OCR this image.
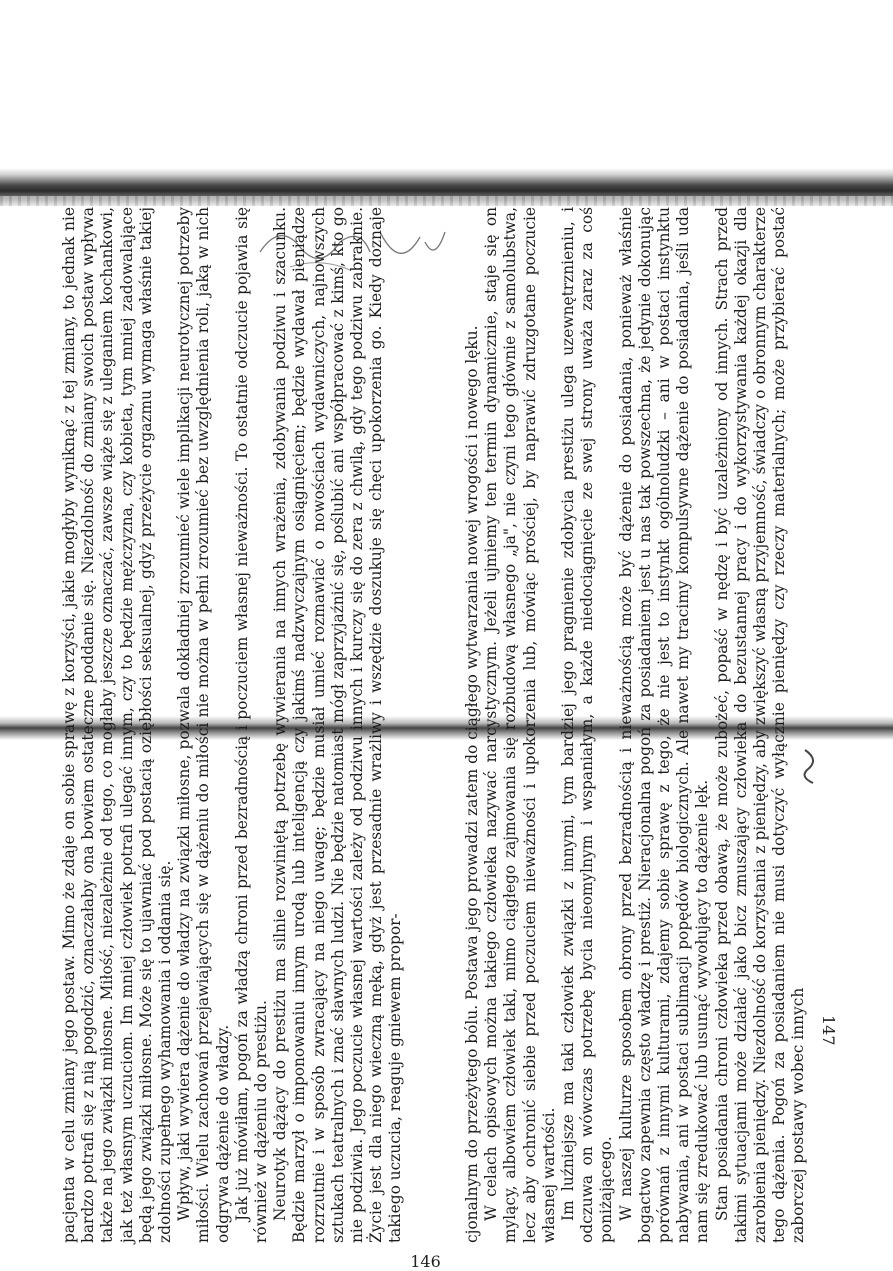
pacjenta w celu zmiany jego postaw. Mimo że zdaje on sobie sprawę z korzyści, jakie mogłyby wyniknąć z tej zmiany, to jednak nie bardzo potrafi się z nią pogodzić, oznaczałaby ona bowiem ostateczne poddanie się. Niezdolność do zmiany swoich postaw wpływa także na jego związki miłosne. Miłość, niezależnie od tego, co mogłaby jeszcze oznaczać, zawsze wiąże się z uleganiem kochankowi, jak też własnym uczuciom. Im mniej człowiek potrafi ulegać innym, czy to będzie mężczyzna, czy kobieta, tym mniej zadowalające będą jego związki miłosne. Może się to ujawniać pod postacią oziębłości seksualnej, gdyż przeżycie orgazmu wymaga właśnie takiej zdolności zupełnego wyhamowania i oddania się. Wpływ, jaki wywiera dążenie do władzy na związki miłosne, pozwala dokładniej zrozumieć wiele implikacji neurotycznej potrzeby miłości. Wielu zachowań przejawiających się w dążeniu do miłości nie można w pełni zrozumieć bez uwzględnienia roli, jaką w nich odgrywa dążenie do władzy. Jak już mówiłam, pogoń za władzą chroni przed bezradnością i poczuciem własnej nieważności. To ostatnie odczucie pojawia się również w dążeniu do prestiżu. Neurotyk dążący do prestiżu ma silnie rozwiniętą potrzebę wywierania na innych wrażenia, zdobywania podziwu i szacunku. Będzie marzył o imponowaniu innym urodą lub inteligencją czy jakimś nadzwyczajnym osiągnięciem; będzie wydawał pieniądze rozrzutnie i w sposób zwracający na niego uwagę; będzie musiał umieć rozmawiać o nowościach wydawniczych, najnowszych sztukach teatralnych i znać sławnych ludzi. Nie będzie natomiast mógł zaprzyjaźnić się, poślubić ani współpracować z kimś, kto go nie podziwia. Jego poczucie własnej wartości zależy od podziwu innych i kurczy się do zera z chwilą, gdy tego podziwu zabraknie. Życie jest dla niego wieczną męką, gdyż jest przesadnie wrażliwy i wszędzie doszukuje się chęci upokorzenia go. Kiedy doznaje takiego uczucia, reaguje gniewem propor-

146

cjonalnym do przeżytego bólu. Postawa jego prowadzi zatem do ciągłego wytwarzania nowej wrogości i nowego lęku. W celach opisowych można takiego człowieka nazywać narcystycznym. Jeżeli ujmiemy ten termin dynamicznie, staje się on mylący, albowiem człowiek taki, mimo ciągłego zajmowania się rozbudową własnego „ja", nie czyni tego głównie z samolubstwa, lecz aby ochronić siebie przed poczuciem nieważności i upokorzenia lub, mówiąc prościej, by naprawić zdruzgotane poczucie własnej wartości. Im luźniejsze ma taki człowiek związki z innymi, tym bardziej jego pragnienie zdobycia prestiżu ulega uzewnętrznieniu, i odczuwa on wówczas potrzebę bycia nieomylnym i wspaniałym, a każde niedociągnięcie ze swej strony uważa zaraz za coś poniżającego. W naszej kulturze sposobem obrony przed bezradnością i nieważnością może być dążenie do posiadania, ponieważ właśnie bogactwo zapewnia często władzę i prestiż. Nieracjonalna pogoń za posiadaniem jest u nas tak powszechna, że jedynie dokonując porównań z innymi kulturami, zdajemy sobie sprawę z tego, że nie jest to instynkt ogólnoludzki – ani w postaci instynktu nabywania, ani w postaci sublimacji popędów biologicznych. Ale nawet my tracimy kompulsywne dążenie do posiadania, jeśli uda nam się zredukować lub usunąć wywołujący to dążenie lęk. Stan posiadania chroni człowieka przed obawą, że może zubożeć, popaść w nędzę i być uzależniony od innych. Strach przed takimi sytuacjami może działać jako bicz zmuszający człowieka do bezustannej pracy i do wykorzystywania każdej okazji dla zarobienia pieniędzy. Niezdolność do korzystania z pieniędzy, aby zwiększyć własną przyjemność, świadczy o obronnym charakterze tego dążenia. Pogoń za posiadaniem nie musi dotyczyć wyłącznie pieniędzy czy rzeczy materialnych; może przybierać postać zaborczej postawy wobec innych 147
